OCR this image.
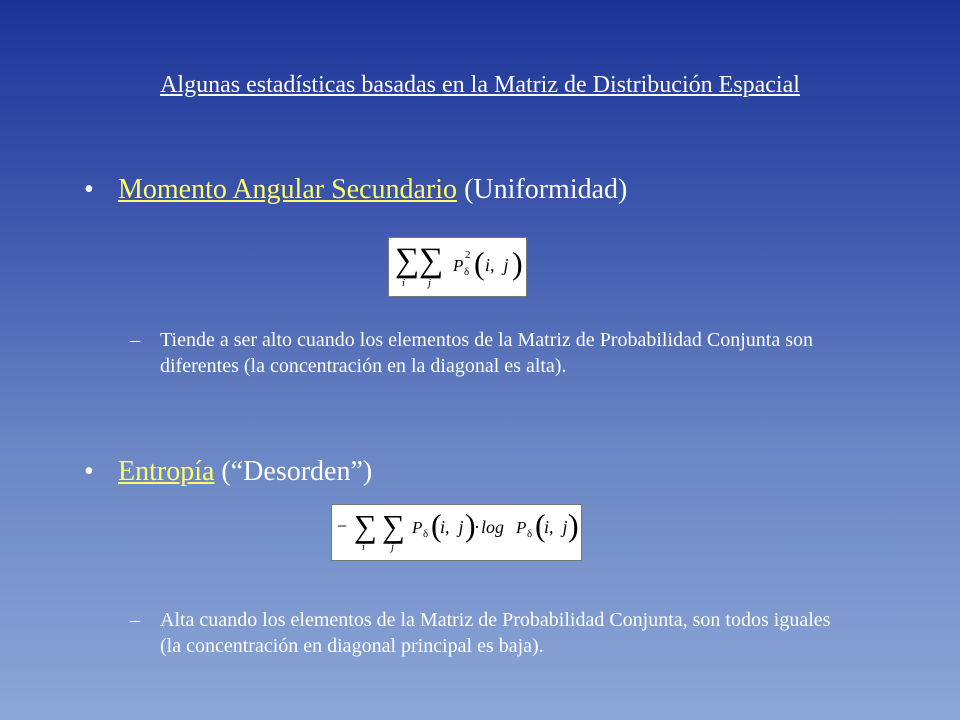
Algunas estadísticas basadas en la Matriz de Distribución Espacial
• Momento Angular Secundario (Uniformidad)
∑
i
∑
j
P
2
δ ( i,  j )
– Tiende a ser alto cuando los elementos de la Matriz de Probabilidad Conjunta son diferentes (la concentración en la diagonal es alta).
• Entropía (“Desorden”)
− ∑
i
∑
j
P δ (
i,  j )
· log P δ (
i,  j )
– Alta cuando los elementos de la Matriz de Probabilidad Conjunta, son todos iguales (la concentración en diagonal principal es baja).
